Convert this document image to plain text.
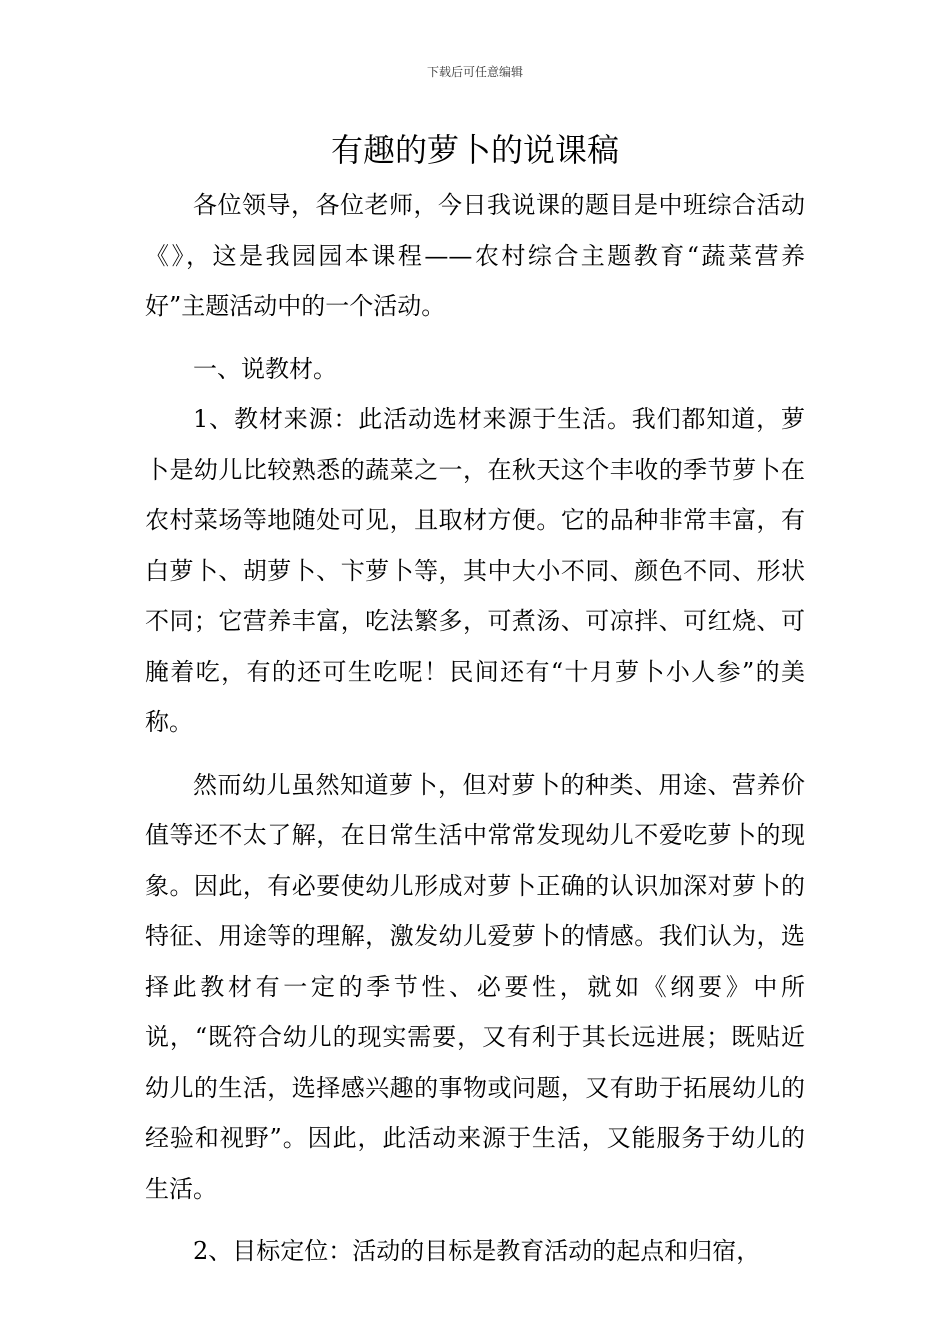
下载后可任意编辑
有趣的萝卜的说课稿

各位领导，各位老师，今日我说课的题目是中班综合活动《》，这是我园园本课程——农村综合主题教育“蔬菜营养好”主题活动中的一个活动。

一、说教材。

1、教材来源：此活动选材来源于生活。我们都知道，萝卜是幼儿比较熟悉的蔬菜之一，在秋天这个丰收的季节萝卜在农村菜场等地随处可见，且取材方便。它的品种非常丰富，有白萝卜、胡萝卜、卞萝卜等，其中大小不同、颜色不同、形状不同；它营养丰富，吃法繁多，可煮汤、可凉拌、可红烧、可腌着吃，有的还可生吃呢！民间还有“十月萝卜小人参”的美称。

然而幼儿虽然知道萝卜，但对萝卜的种类、用途、营养价值等还不太了解，在日常生活中常常发现幼儿不爱吃萝卜的现象。因此，有必要使幼儿形成对萝卜正确的认识加深对萝卜的特征、用途等的理解，激发幼儿爱萝卜的情感。我们认为，选择此教材有一定的季节性、必要性，就如《纲要》中所说，“既符合幼儿的现实需要，又有利于其长远进展；既贴近幼儿的生活，选择感兴趣的事物或问题，又有助于拓展幼儿的经验和视野”。因此，此活动来源于生活，又能服务于幼儿的生活。

2、目标定位：活动的目标是教育活动的起点和归宿，
